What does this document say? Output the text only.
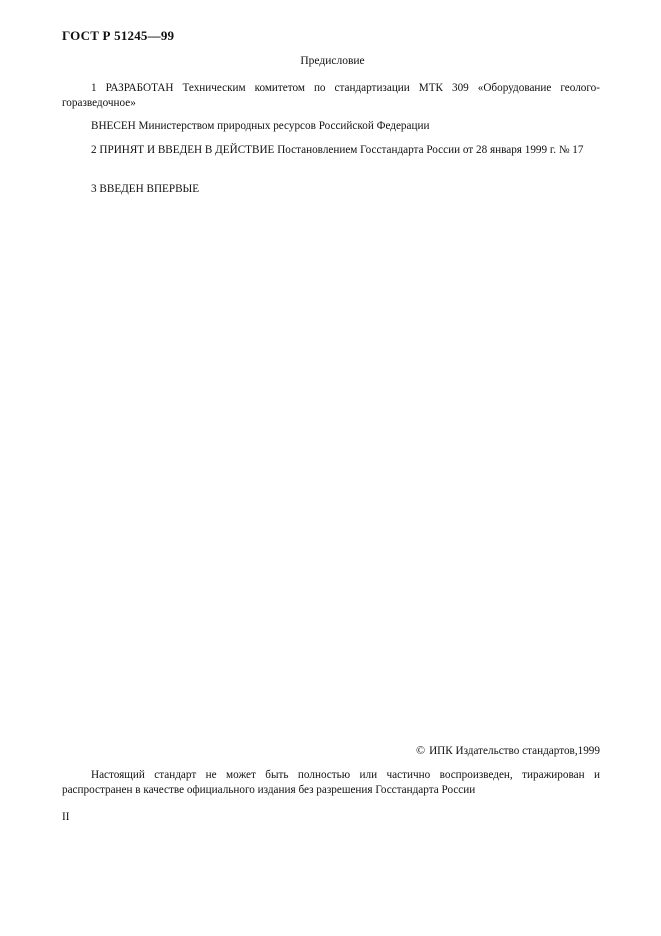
ГОСТ Р 51245—99
Предисловие

1 РАЗРАБОТАН Техническим комитетом по стандартизации МТК 309 «Оборудование геолого-горазведочное»

ВНЕСЕН Министерством природных ресурсов Российской Федерации

2 ПРИНЯТ И ВВЕДЕН В ДЕЙСТВИЕ Постановлением Госстандарта России от 28 января 1999 г. № 17

3 ВВЕДЕН ВПЕРВЫЕ

© ИПК Издательство стандартов,1999

Настоящий стандарт не может быть полностью или частично воспроизведен, тиражирован и распространен в качестве официального издания без разрешения Госстандарта России

II
